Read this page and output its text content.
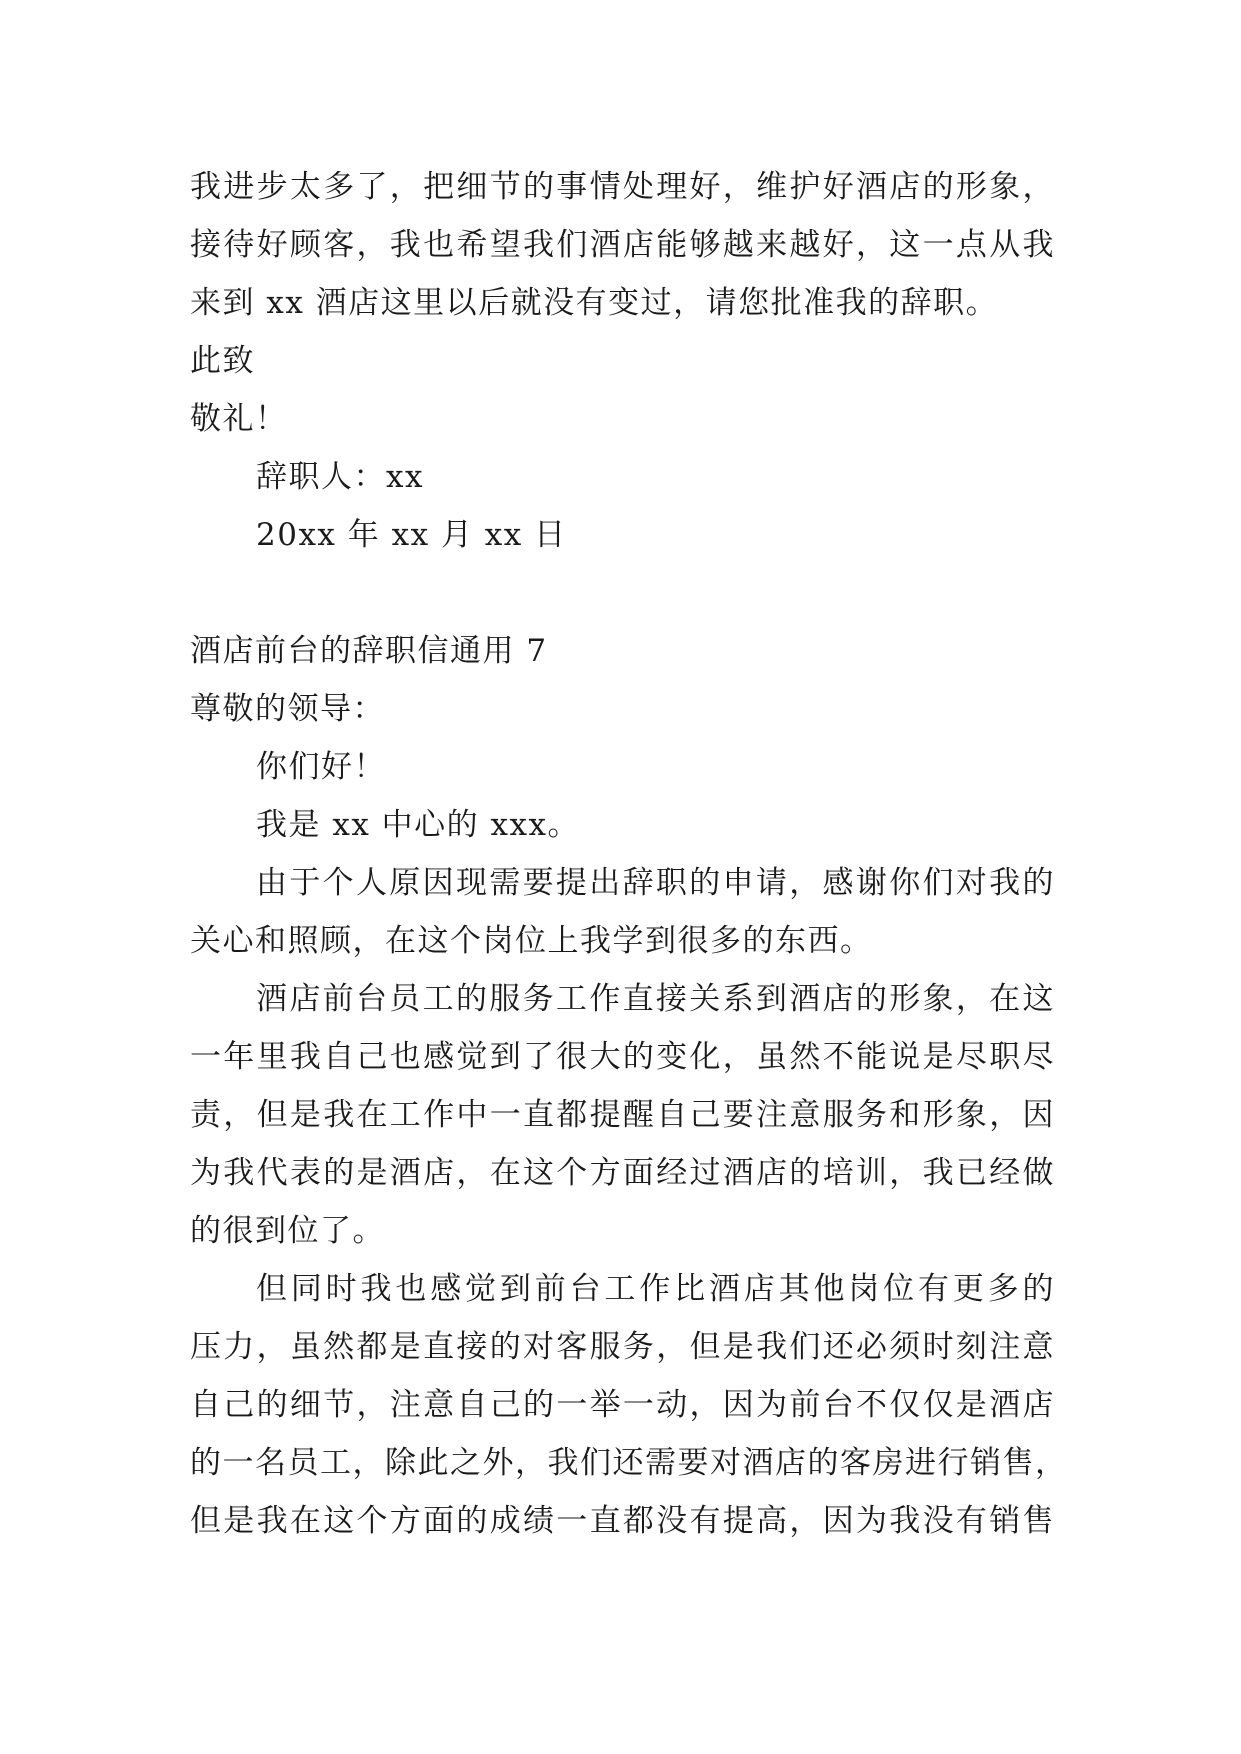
我进步太多了，把细节的事情处理好，维护好酒店的形象，
接待好顾客，我也希望我们酒店能够越来越好，这一点从我
来到 xx 酒店这里以后就没有变过，请您批准我的辞职。
此致
敬礼！
辞职人：xx
20xx 年 xx 月 xx 日
酒店前台的辞职信通用 7
尊敬的领导：
你们好！
我是 xx 中心的 xxx。
由于个人原因现需要提出辞职的申请，感谢你们对我的
关心和照顾，在这个岗位上我学到很多的东西。
酒店前台员工的服务工作直接关系到酒店的形象，在这
一年里我自己也感觉到了很大的变化，虽然不能说是尽职尽
责，但是我在工作中一直都提醒自己要注意服务和形象，因
为我代表的是酒店，在这个方面经过酒店的培训，我已经做
的很到位了。
但同时我也感觉到前台工作比酒店其他岗位有更多的
压力，虽然都是直接的对客服务，但是我们还必须时刻注意
自己的细节，注意自己的一举一动，因为前台不仅仅是酒店
的一名员工，除此之外，我们还需要对酒店的客房进行销售，
但是我在这个方面的成绩一直都没有提高，因为我没有销售
